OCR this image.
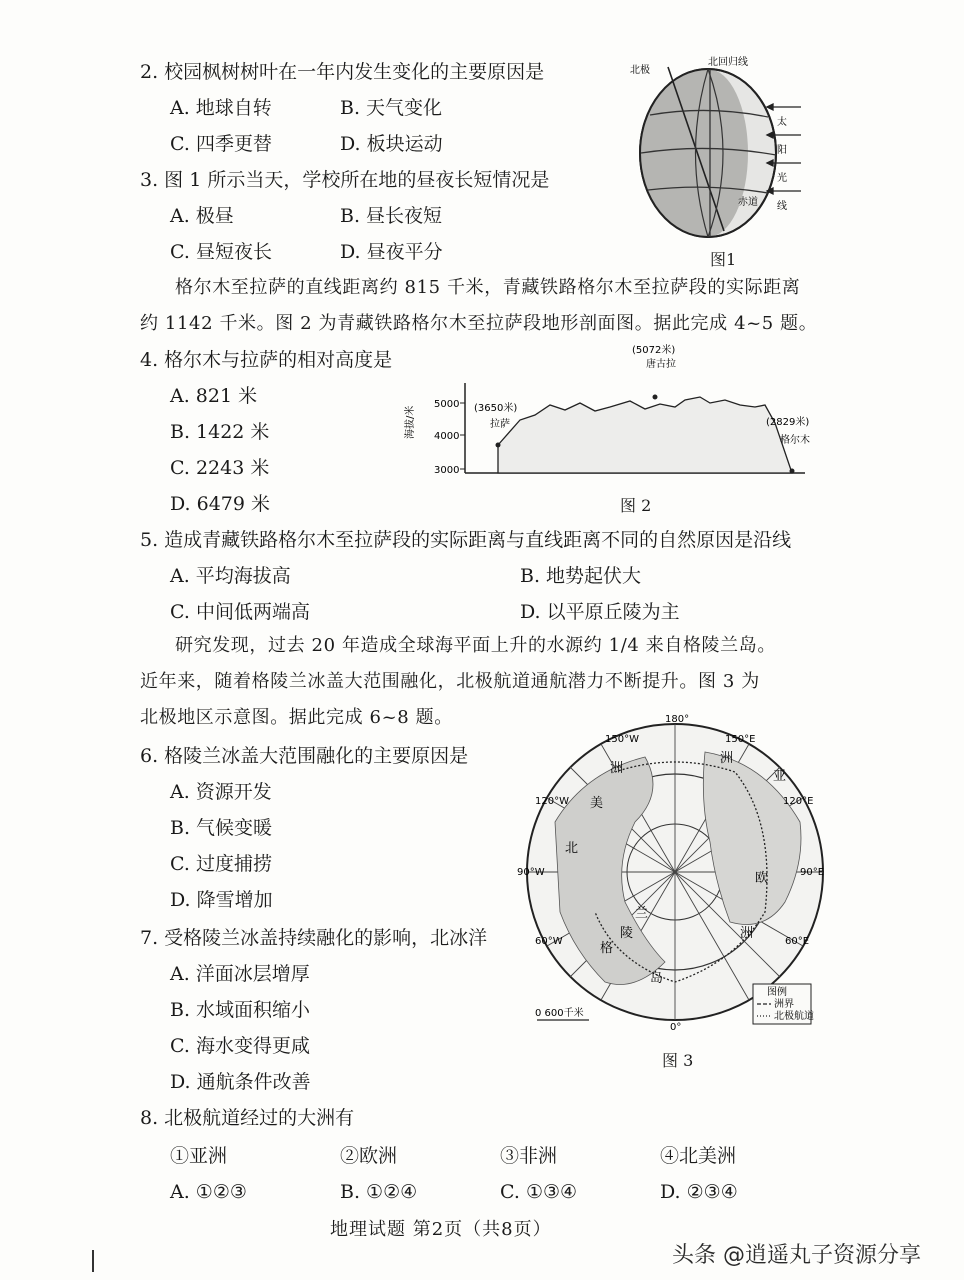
2. 校园枫树树叶在一年内发生变化的主要原因是
A. 地球自转	B. 天气变化
C. 四季更替	D. 板块运动
3. 图 1 所示当天，学校所在地的昼夜长短情况是
A. 极昼	B. 昼长夜短
C. 昼短夜长	D. 昼夜平分
北极
北回归线
赤道
太
阳
光
线
图1
格尔木至拉萨的直线距离约 815 千米，青藏铁路格尔木至拉萨段的实际距离
约 1142 千米。图 2 为青藏铁路格尔木至拉萨段地形剖面图。据此完成 4~5 题。
4. 格尔木与拉萨的相对高度是
A. 821 米
B. 1422 米
C. 2243 米
D. 6479 米
5000
4000
3000
海拔/米	(3650米)
拉萨
(5072米)
唐古拉
(2829米)
格尔木
图 2
5. 造成青藏铁路格尔木至拉萨段的实际距离与直线距离不同的自然原因是沿线
A. 平均海拔高	B. 地势起伏大
C. 中间低两端高	D. 以平原丘陵为主
研究发现，过去 20 年造成全球海平面上升的水源约 1/4 来自格陵兰岛。
近年来，随着格陵兰冰盖大范围融化，北极航道通航潜力不断提升。图 3 为
北极地区示意图。据此完成 6~8 题。
6. 格陵兰冰盖大范围融化的主要原因是
A. 资源开发
B. 气候变暖
C. 过度捕捞
D. 降雪增加
180°
150°W	150°E
120°W	120°E
90°W	90°E
60°W	60°E
0°
亚
洲
北
美
洲
欧
洲
格
陵
兰
岛
0 600千米
图例
洲界
北极航道
图 3
7. 受格陵兰冰盖持续融化的影响，北冰洋
A. 洋面冰层增厚
B. 水域面积缩小
C. 海水变得更咸
D. 通航条件改善
8. 北极航道经过的大洲有
①亚洲	②欧洲	③非洲	④北美洲
A. ①②③	B. ①②④	C. ①③④	D. ②③④
地理试题 第2页（共8页）
头条 @逍遥丸子资源分享
